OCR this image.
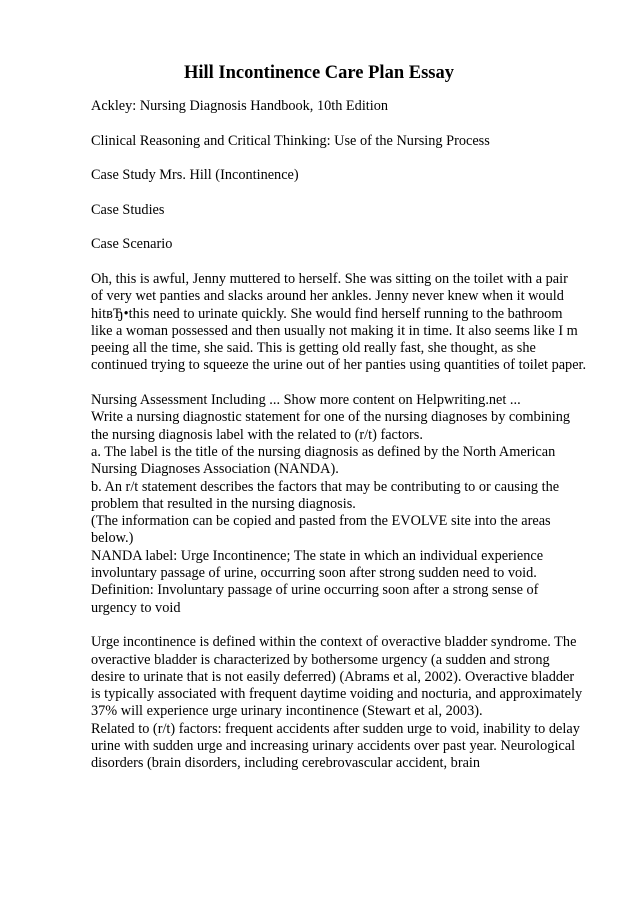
Hill Incontinence Care Plan Essay

Ackley: Nursing Diagnosis Handbook, 10th Edition

Clinical Reasoning and Critical Thinking: Use of the Nursing Process

Case Study Mrs. Hill (Incontinence)

Case Studies

Case Scenario

Oh, this is awful, Jenny muttered to herself. She was sitting on the toilet with a pair

of very wet panties and slacks around her ankles. Jenny never knew when it would

hitвЂ•this need to urinate quickly. She would find herself running to the bathroom

like a woman possessed and then usually not making it in time. It also seems like I m

peeing all the time, she said. This is getting old really fast, she thought, as she

continued trying to squeeze the urine out of her panties using quantities of toilet paper.

Nursing Assessment Including ... Show more content on Helpwriting.net ...

Write a nursing diagnostic statement for one of the nursing diagnoses by combining

the nursing diagnosis label with the related to (r/t) factors.

a. The label is the title of the nursing diagnosis as defined by the North American

Nursing Diagnoses Association (NANDA).

b. An r/t statement describes the factors that may be contributing to or causing the

problem that resulted in the nursing diagnosis.

(The information can be copied and pasted from the EVOLVE site into the areas

below.)

NANDA label: Urge Incontinence; The state in which an individual experience

involuntary passage of urine, occurring soon after strong sudden need to void.

Definition: Involuntary passage of urine occurring soon after a strong sense of

urgency to void

Urge incontinence is defined within the context of overactive bladder syndrome. The

overactive bladder is characterized by bothersome urgency (a sudden and strong

desire to urinate that is not easily deferred) (Abrams et al, 2002). Overactive bladder

is typically associated with frequent daytime voiding and nocturia, and approximately

37% will experience urge urinary incontinence (Stewart et al, 2003).

Related to (r/t) factors: frequent accidents after sudden urge to void, inability to delay

urine with sudden urge and increasing urinary accidents over past year. Neurological

disorders (brain disorders, including cerebrovascular accident, brain
